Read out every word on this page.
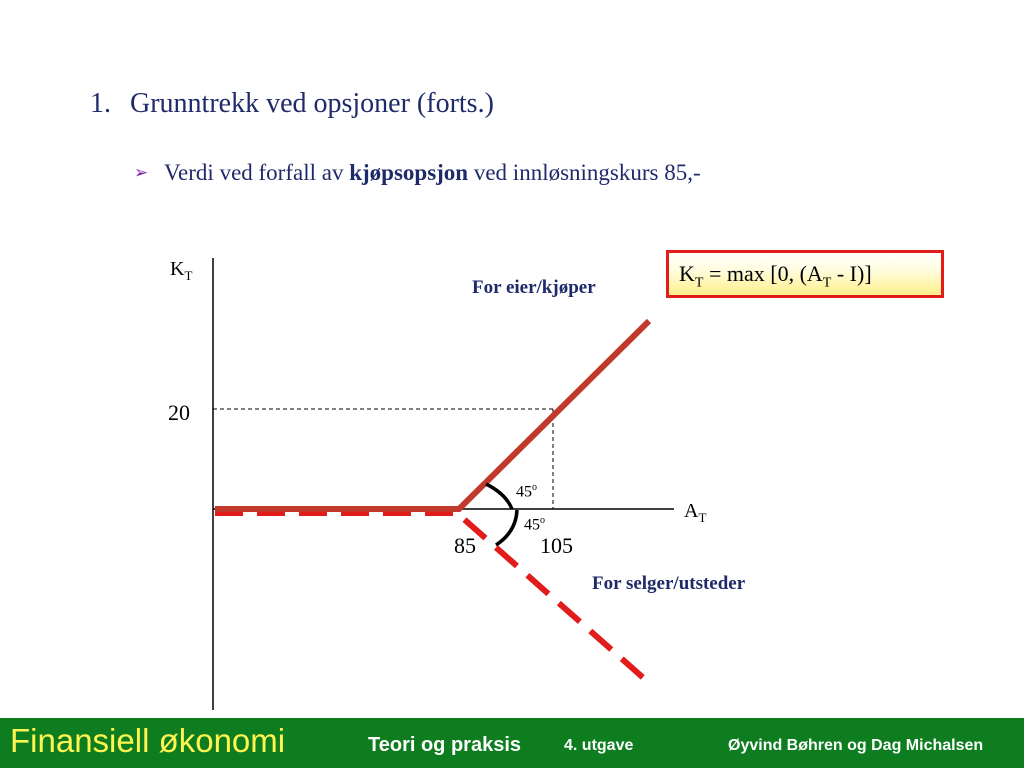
1. Grunntrekk ved opsjoner (forts.)
➢ Verdi ved forfall av kjøpsopsjon ved innløsningskurs 85,-
$K_T = \max [0$, $(A_T - I)$]
For eier/kjøper
For selger/utsteder
$K_T$
$A_T$
20
85	105
45$^o$
45$^o$
Finansiell økonomi	Teori og praksis	4. utgave	Øyvind Bøhren og Dag Michalsen
